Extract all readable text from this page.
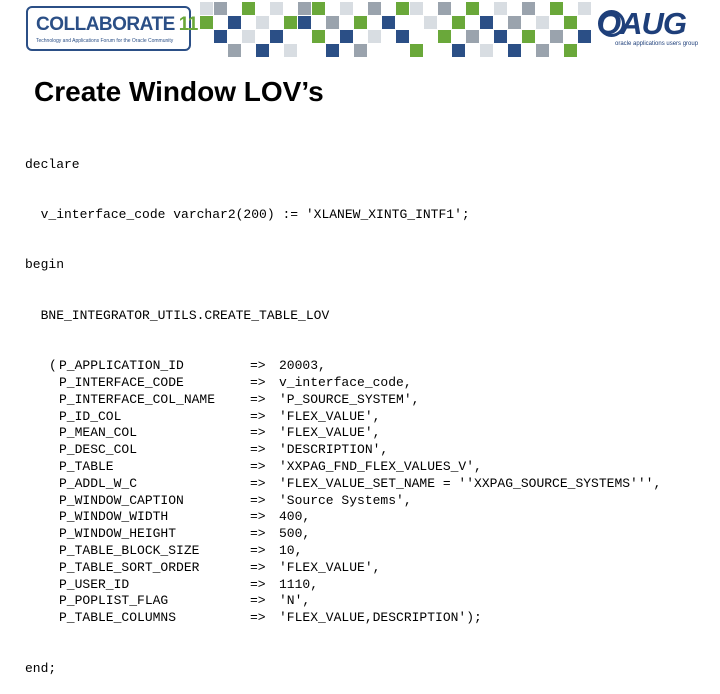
COLLABORATE 11
Technology and Applications Forum for the Oracle Community	OAUG
oracle applications users group
Create Window LOV’s

declare

v_interface_code varchar2(200) := 'XLANEW_XINTG_INTF1';

begin

BNE_INTEGRATOR_UTILS.CREATE_TABLE_LOV

( P_APPLICATION_ID	=> 20003,
P_INTERFACE_CODE	=> v_interface_code,
P_INTERFACE_COL_NAME	=> 'P_SOURCE_SYSTEM',
P_ID_COL	=> 'FLEX_VALUE',
P_MEAN_COL	=> 'FLEX_VALUE',
P_DESC_COL	=> 'DESCRIPTION',
P_TABLE	=> 'XXPAG_FND_FLEX_VALUES_V',
P_ADDL_W_C	=> 'FLEX_VALUE_SET_NAME = ''XXPAG_SOURCE_SYSTEMS''',
P_WINDOW_CAPTION	=> 'Source Systems',
P_WINDOW_WIDTH	=> 400,
P_WINDOW_HEIGHT	=> 500,
P_TABLE_BLOCK_SIZE	=> 10,
P_TABLE_SORT_ORDER	=> 'FLEX_VALUE',
P_USER_ID	=> 1110,
P_POPLIST_FLAG	=> 'N',
P_TABLE_COLUMNS	=> 'FLEX_VALUE,DESCRIPTION');

end;
